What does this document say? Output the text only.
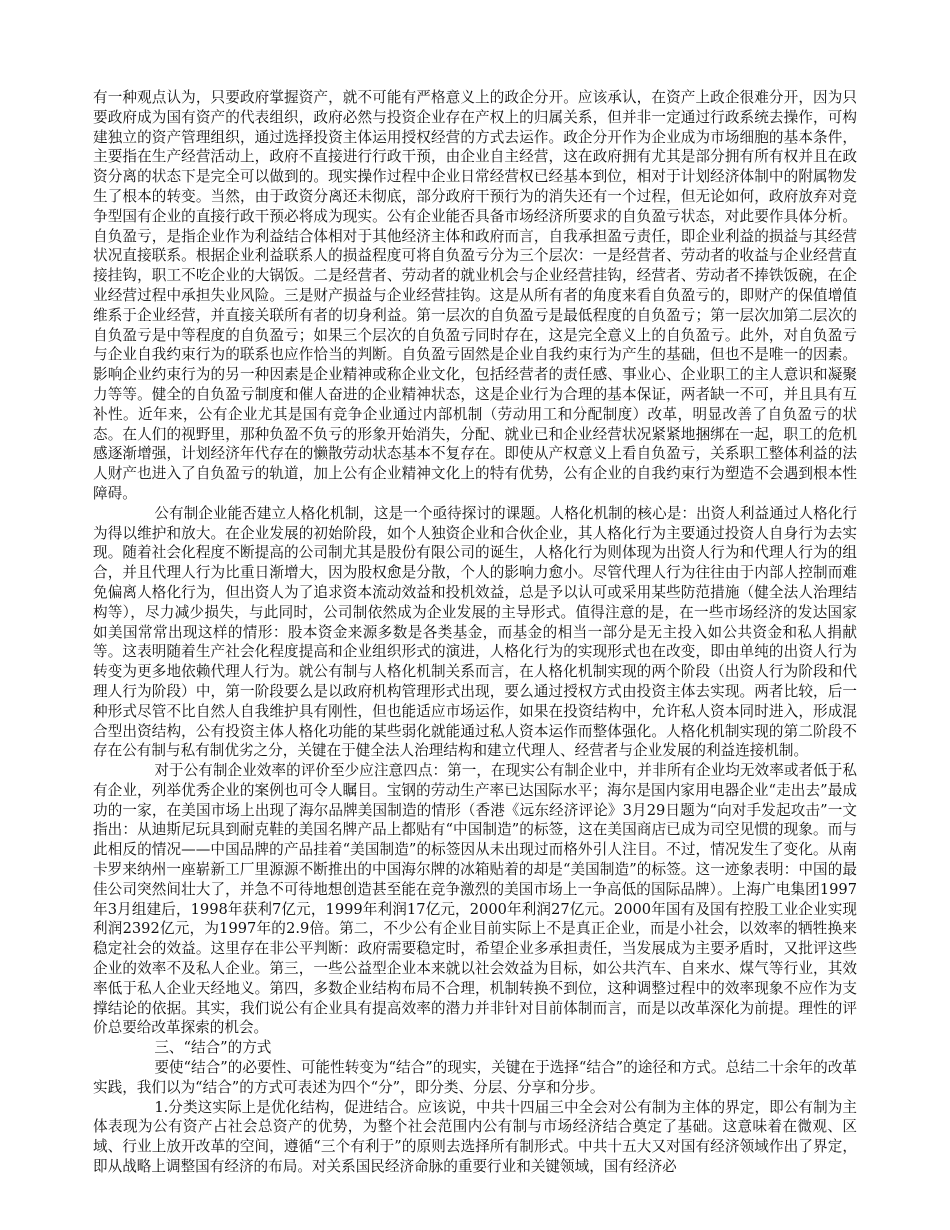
有一种观点认为，只要政府掌握资产，就不可能有严格意义上的政企分开。应该承认，在资产上政企很难分开，因为只要政府成为国有资产的代表组织，政府必然与投资企业存在产权上的归属关系，但并非一定通过行政系统去操作，可构建独立的资产管理组织，通过选择投资主体运用授权经营的方式去运作。政企分开作为企业成为市场细胞的基本条件，主要指在生产经营活动上，政府不直接进行行政干预，由企业自主经营，这在政府拥有尤其是部分拥有所有权并且在政资分离的状态下是完全可以做到的。现实操作过程中企业日常经营权已经基本到位，相对于计划经济体制中的附属物发生了根本的转变。当然，由于政资分离还未彻底，部分政府干预行为的消失还有一个过程，但无论如何，政府放弃对竞争型国有企业的直接行政干预必将成为现实。公有企业能否具备市场经济所要求的自负盈亏状态，对此要作具体分析。自负盈亏，是指企业作为利益结合体相对于其他经济主体和政府而言，自我承担盈亏责任，即企业利益的损益与其经营状况直接联系。根据企业利益联系人的损益程度可将自负盈亏分为三个层次：一是经营者、劳动者的收益与企业经营直接挂钩，职工不吃企业的大锅饭。二是经营者、劳动者的就业机会与企业经营挂钩，经营者、劳动者不捧铁饭碗，在企业经营过程中承担失业风险。三是财产损益与企业经营挂钩。这是从所有者的角度来看自负盈亏的，即财产的保值增值维系于企业经营，并直接关联所有者的切身利益。第一层次的自负盈亏是最低程度的自负盈亏；第一层次加第二层次的自负盈亏是中等程度的自负盈亏；如果三个层次的自负盈亏同时存在，这是完全意义上的自负盈亏。此外，对自负盈亏与企业自我约束行为的联系也应作恰当的判断。自负盈亏固然是企业自我约束行为产生的基础，但也不是唯一的因素。影响企业约束行为的另一种因素是企业精神或称企业文化，包括经营者的责任感、事业心、企业职工的主人意识和凝聚力等等。健全的自负盈亏制度和催人奋进的企业精神状态，这是企业行为合理的基本保证，两者缺一不可，并且具有互补性。近年来，公有企业尤其是国有竞争企业通过内部机制（劳动用工和分配制度）改革，明显改善了自负盈亏的状态。在人们的视野里，那种负盈不负亏的形象开始消失，分配、就业已和企业经营状况紧紧地捆绑在一起，职工的危机感逐渐增强，计划经济年代存在的懒散劳动状态基本不复存在。即使从产权意义上看自负盈亏，关系职工整体利益的法人财产也进入了自负盈亏的轨道，加上公有企业精神文化上的特有优势，公有企业的自我约束行为塑造不会遇到根本性障碍。

公有制企业能否建立人格化机制，这是一个亟待探讨的课题。人格化机制的核心是：出资人利益通过人格化行为得以维护和放大。在企业发展的初始阶段，如个人独资企业和合伙企业，其人格化行为主要通过投资人自身行为去实现。随着社会化程度不断提高的公司制尤其是股份有限公司的诞生，人格化行为则体现为出资人行为和代理人行为的组合，并且代理人行为比重日渐增大，因为股权愈是分散，个人的影响力愈小。尽管代理人行为往往由于内部人控制而难免偏离人格化行为，但出资人为了追求资本流动效益和投机效益，总是予以认可或采用某些防范措施（健全法人治理结构等），尽力减少损失，与此同时，公司制依然成为企业发展的主导形式。值得注意的是，在一些市场经济的发达国家如美国常常出现这样的情形：股本资金来源多数是各类基金，而基金的相当一部分是无主投入如公共资金和私人捐献等。这表明随着生产社会化程度提高和企业组织形式的演进，人格化行为的实现形式也在改变，即由单纯的出资人行为转变为更多地依赖代理人行为。就公有制与人格化机制关系而言，在人格化机制实现的两个阶段（出资人行为阶段和代理人行为阶段）中，第一阶段要么是以政府机构管理形式出现，要么通过授权方式由投资主体去实现。两者比较，后一种形式尽管不比自然人自我维护具有刚性，但也能适应市场运作，如果在投资结构中，允许私人资本同时进入，形成混合型出资结构，公有投资主体人格化功能的某些弱化就能通过私人资本运作而整体强化。人格化机制实现的第二阶段不存在公有制与私有制优劣之分，关键在于健全法人治理结构和建立代理人、经营者与企业发展的利益连接机制。

对于公有制企业效率的评价至少应注意四点：第一，在现实公有制企业中，并非所有企业均无效率或者低于私有企业，列举优秀企业的案例也可令人瞩目。宝钢的劳动生产率已达国际水平；海尔是国内家用电器企业“走出去”最成功的一家，在美国市场上出现了海尔品牌美国制造的情形（香港《远东经济评论》3月29日题为“向对手发起攻击”一文指出：从迪斯尼玩具到耐克鞋的美国名牌产品上都贴有“中国制造”的标签，这在美国商店已成为司空见惯的现象。而与此相反的情况——中国品牌的产品挂着“美国制造”的标签因从未出现过而格外引人注目。不过，情况发生了变化。从南卡罗来纳州一座崭新工厂里源源不断推出的中国海尔牌的冰箱贴着的却是“美国制造”的标签。这一迹象表明：中国的最佳公司突然间壮大了，并急不可待地想创造甚至能在竞争激烈的美国市场上一争高低的国际品牌）。上海广电集团1997年3月组建后，1998年获利7亿元，1999年利润17亿元，2000年利润27亿元。2000年国有及国有控股工业企业实现利润2392亿元，为1997年的2.9倍。第二，不少公有企业目前实际上不是真正企业，而是小社会，以效率的牺牲换来稳定社会的效益。这里存在非公平判断：政府需要稳定时，希望企业多承担责任，当发展成为主要矛盾时，又批评这些企业的效率不及私人企业。第三，一些公益型企业本来就以社会效益为目标，如公共汽车、自来水、煤气等行业，其效率低于私人企业天经地义。第四，多数企业结构布局不合理，机制转换不到位，这种调整过程中的效率现象不应作为支撑结论的依据。其实，我们说公有企业具有提高效率的潜力并非针对目前体制而言，而是以改革深化为前提。理性的评价总要给改革探索的机会。

三、“结合”的方式

要使“结合”的必要性、可能性转变为“结合”的现实，关键在于选择“结合”的途径和方式。总结二十余年的改革实践，我们以为“结合”的方式可表述为四个“分”，即分类、分层、分享和分步。

1.分类这实际上是优化结构，促进结合。应该说，中共十四届三中全会对公有制为主体的界定，即公有制为主体表现为公有资产占社会总资产的优势，为整个社会范围内公有制与市场经济结合奠定了基础。这意味着在微观、区域、行业上放开改革的空间，遵循“三个有利于”的原则去选择所有制形式。中共十五大又对国有经济领域作出了界定，即从战略上调整国有经济的布局。对关系国民经济命脉的重要行业和关键领域，国有经济必
